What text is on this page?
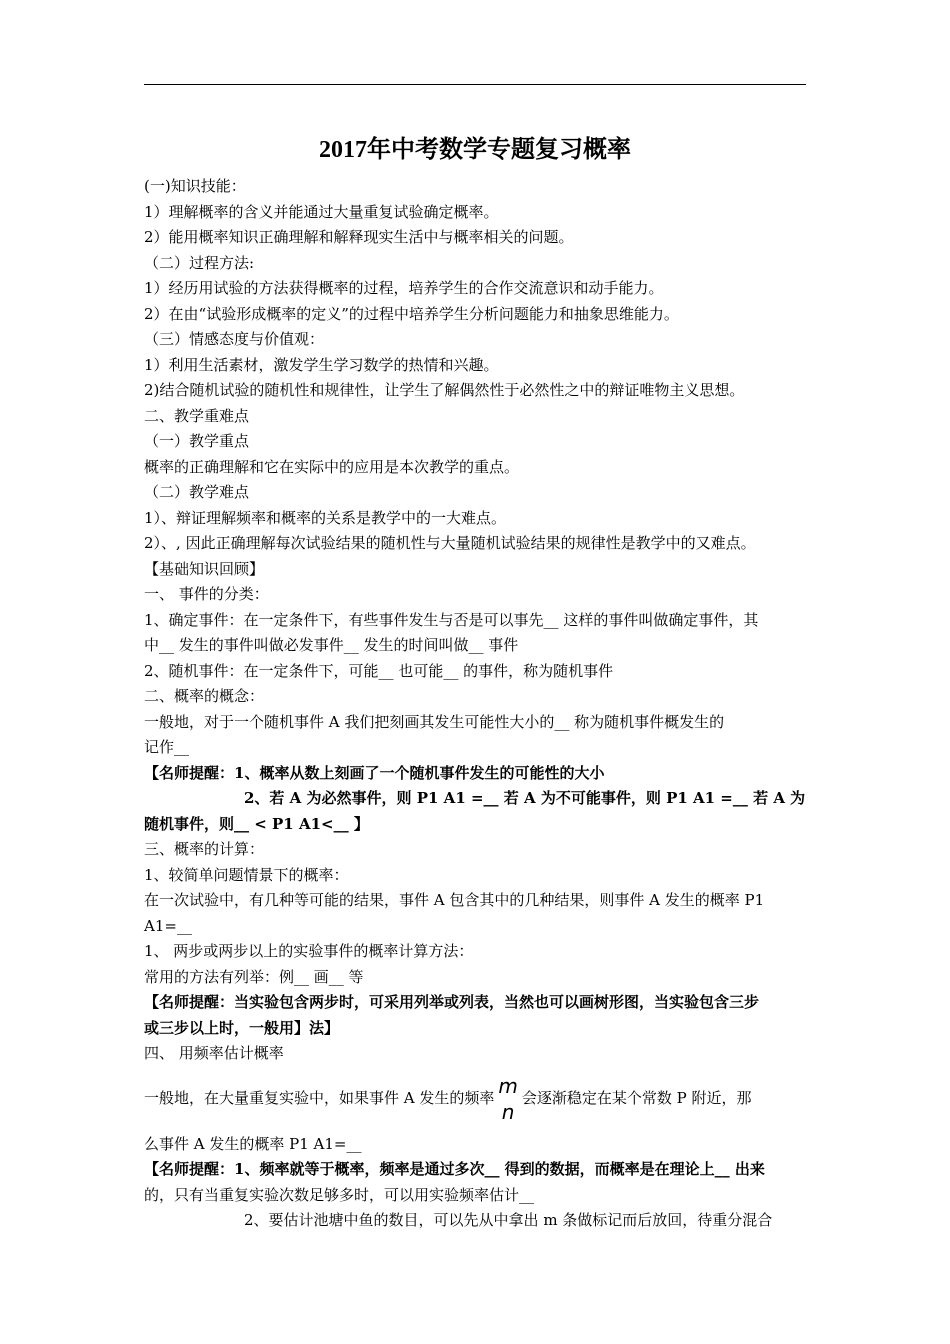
2017年中考数学专题复习概率

(一)知识技能：

1）理解概率的含义并能通过大量重复试验确定概率。

2）能用概率知识正确理解和解释现实生活中与概率相关的问题。

（二）过程方法:

1）经历用试验的方法获得概率的过程，培养学生的合作交流意识和动手能力。

2）在由“试验形成概率的定义”的过程中培养学生分析问题能力和抽象思维能力。

（三）情感态度与价值观：

1）利用生活素材，激发学生学习数学的热情和兴趣。

2)结合随机试验的随机性和规律性，让学生了解偶然性于必然性之中的辩证唯物主义思想。

二、教学重难点

（一）教学重点

概率的正确理解和它在实际中的应用是本次教学的重点。

（二）教学难点

1）、辩证理解频率和概率的关系是教学中的一大难点。

2）、, 因此正确理解每次试验结果的随机性与大量随机试验结果的规律性是教学中的又难点。

【基础知识回顾】

一、 事件的分类：

1、确定事件：在一定条件下，有些事件发生与否是可以事先__ 这样的事件叫做确定事件，其

中__ 发生的事件叫做必发事件__ 发生的时间叫做__ 事件

2、随机事件：在一定条件下，可能__ 也可能__ 的事件，称为随机事件

二、概率的概念：

一般地，对于一个随机事件 A 我们把刻画其发生可能性大小的__ 称为随机事件概发生的

记作__

【名师提醒：1、概率从数上刻画了一个随机事件发生的可能性的大小

2、若 A 为必然事件，则 P1 A1 =__ 若 A 为不可能事件，则 P1 A1 =__ 若 A 为

随机事件，则__ < P1 A1<__ 】

三、概率的计算：

1、较简单问题情景下的概率：

在一次试验中，有几种等可能的结果，事件 A 包含其中的几种结果，则事件 A 发生的概率 P1

A1=__

1、 两步或两步以上的实验事件的概率计算方法：

常用的方法有列举：例__ 画__ 等

【名师提醒：当实验包含两步时，可采用列举或列表，当然也可以画树形图，当实验包含三步

或三步以上时，一般用】法】

四、 用频率估计概率

一般地，在大量重复实验中，如果事件 A 发生的频率
m
n
会逐渐稳定在某个常数 P 附近，那

么事件 A 发生的概率 P1 A1=__

【名师提醒：1、频率就等于概率，频率是通过多次__ 得到的数据，而概率是在理论上__ 出来

的，只有当重复实验次数足够多时，可以用实验频率估计__

2、要估计池塘中鱼的数目，可以先从中拿出 m 条做标记而后放回，待重分混合
